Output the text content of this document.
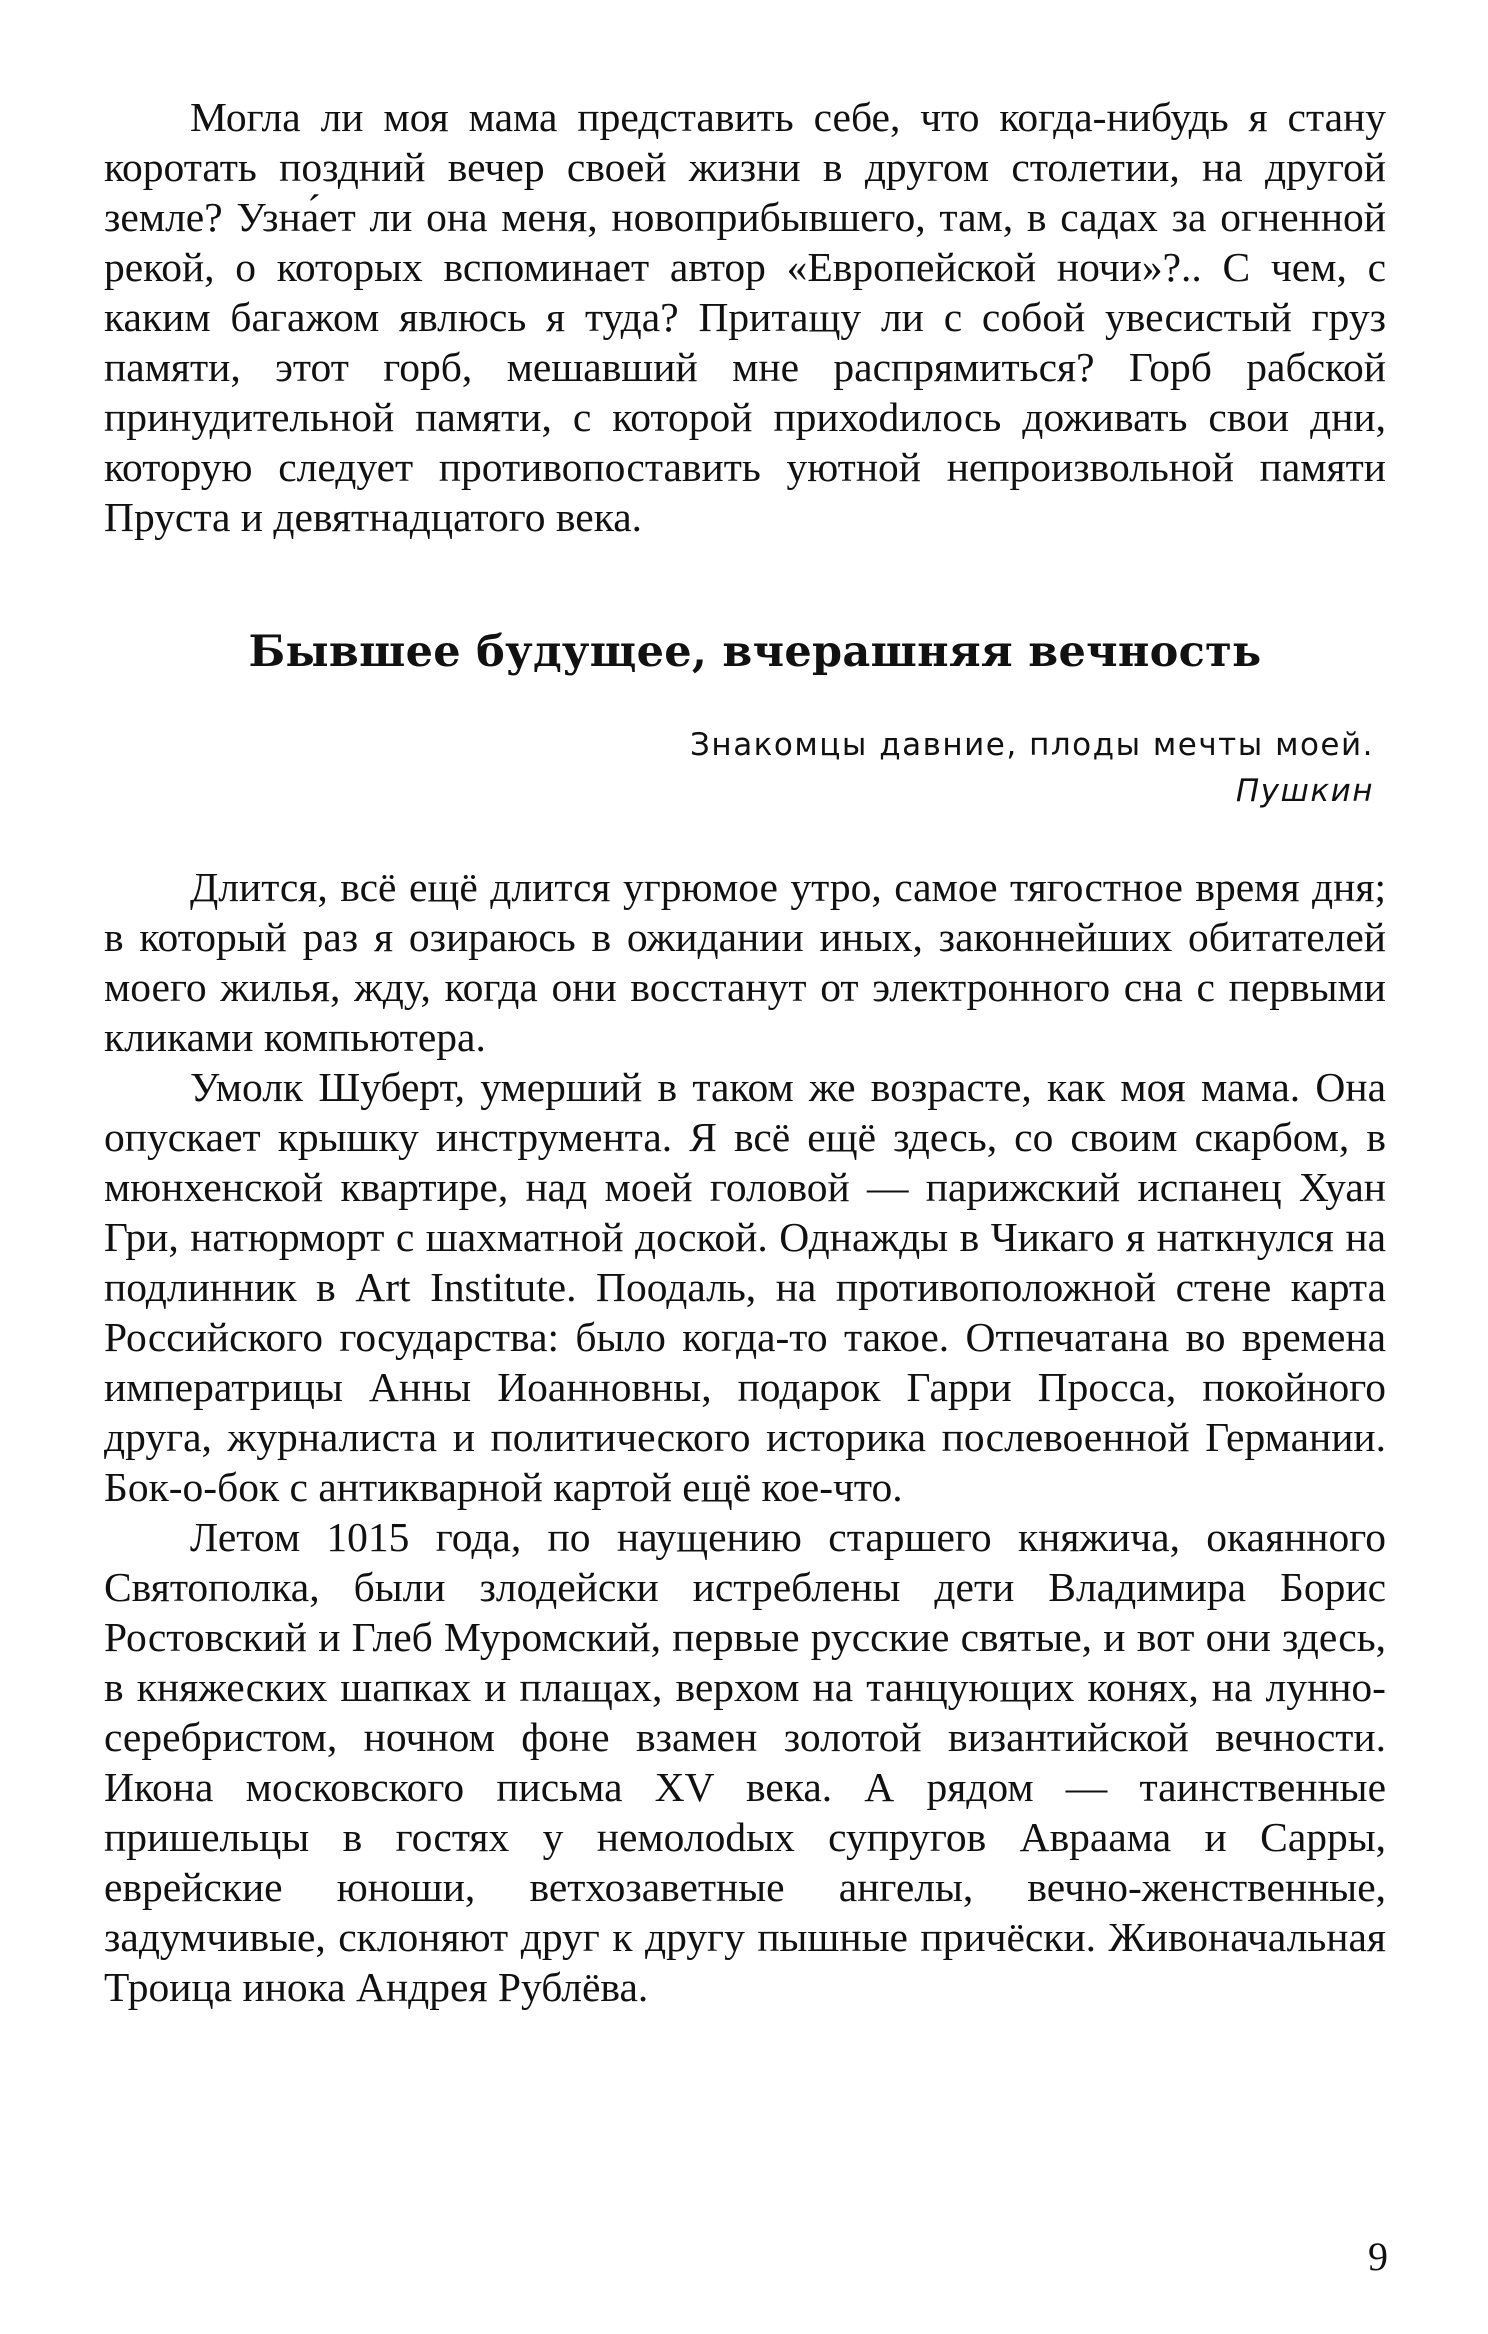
Могла ли моя мама представить себе, что когда-нибудь я стану коротать поздний вечер своей жизни в другом столетии, на другой земле? Узна́ет ли она меня, новоприбывшего, там, в садах за огненной рекой, о которых вспоминает автор «Европейской ночи»?.. С чем, с каким багажом явлюсь я туда? Притащу ли с собой увесистый груз памяти, этот горб, мешавший мне распрямиться? Горб рабской принудительной памяти, с которой прихоdилось доживать свои дни, которую следует противопоставить уютной непроизвольной памяти Пруста и девятнадцатого века.

Бывшее будущее, вчерашняя вечность
Знакомцы давние, плоды мечты моей.
Пушкин

Длится, всё ещё длится угрюмое утро, самое тягостное время дня; в который раз я озираюсь в ожидании иных, законнейших обитателей моего жилья, жду, когда они восстанут от электронного сна с первыми кликами компьютера.

Умолк Шуберт, умерший в таком же возрасте, как моя мама. Она опускает крышку инструмента. Я всё ещё здесь, со своим скарбом, в мюнхенской квартире, над моей головой — парижский испанец Хуан Гри, натюрморт с шахматной доской. Однажды в Чикаго я наткнулся на подлинник в Art Institute. Поодаль, на противоположной стене карта Российского государства: было когда-то такое. Отпечатана во времена императрицы Анны Иоанновны, подарок Гарри Просса, покойного друга, журналиста и политического историка послевоенной Германии. Бок-о-бок с антикварной картой ещё кое-что.

Летом 1015 года, по наущению старшего княжича, окаянного Святополка, были злодейски истреблены дети Владимира Борис Ростовский и Глеб Муромский, первые русские святые, и вот они здесь, в княжеских шапках и плащах, верхом на танцующих конях, на лунно-серебристом, ночном фоне взамен золотой византийской вечности. Икона московского письма XV века. А рядом — таинственные пришельцы в гостях у немолоdых супругов Авраама и Сарры, еврейские юноши, ветхозаветные ангелы, вечно-женственные, задумчивые, склоняют друг к другу пышные причёски. Живоначальная Троица инока Андрея Рублёва.

9
